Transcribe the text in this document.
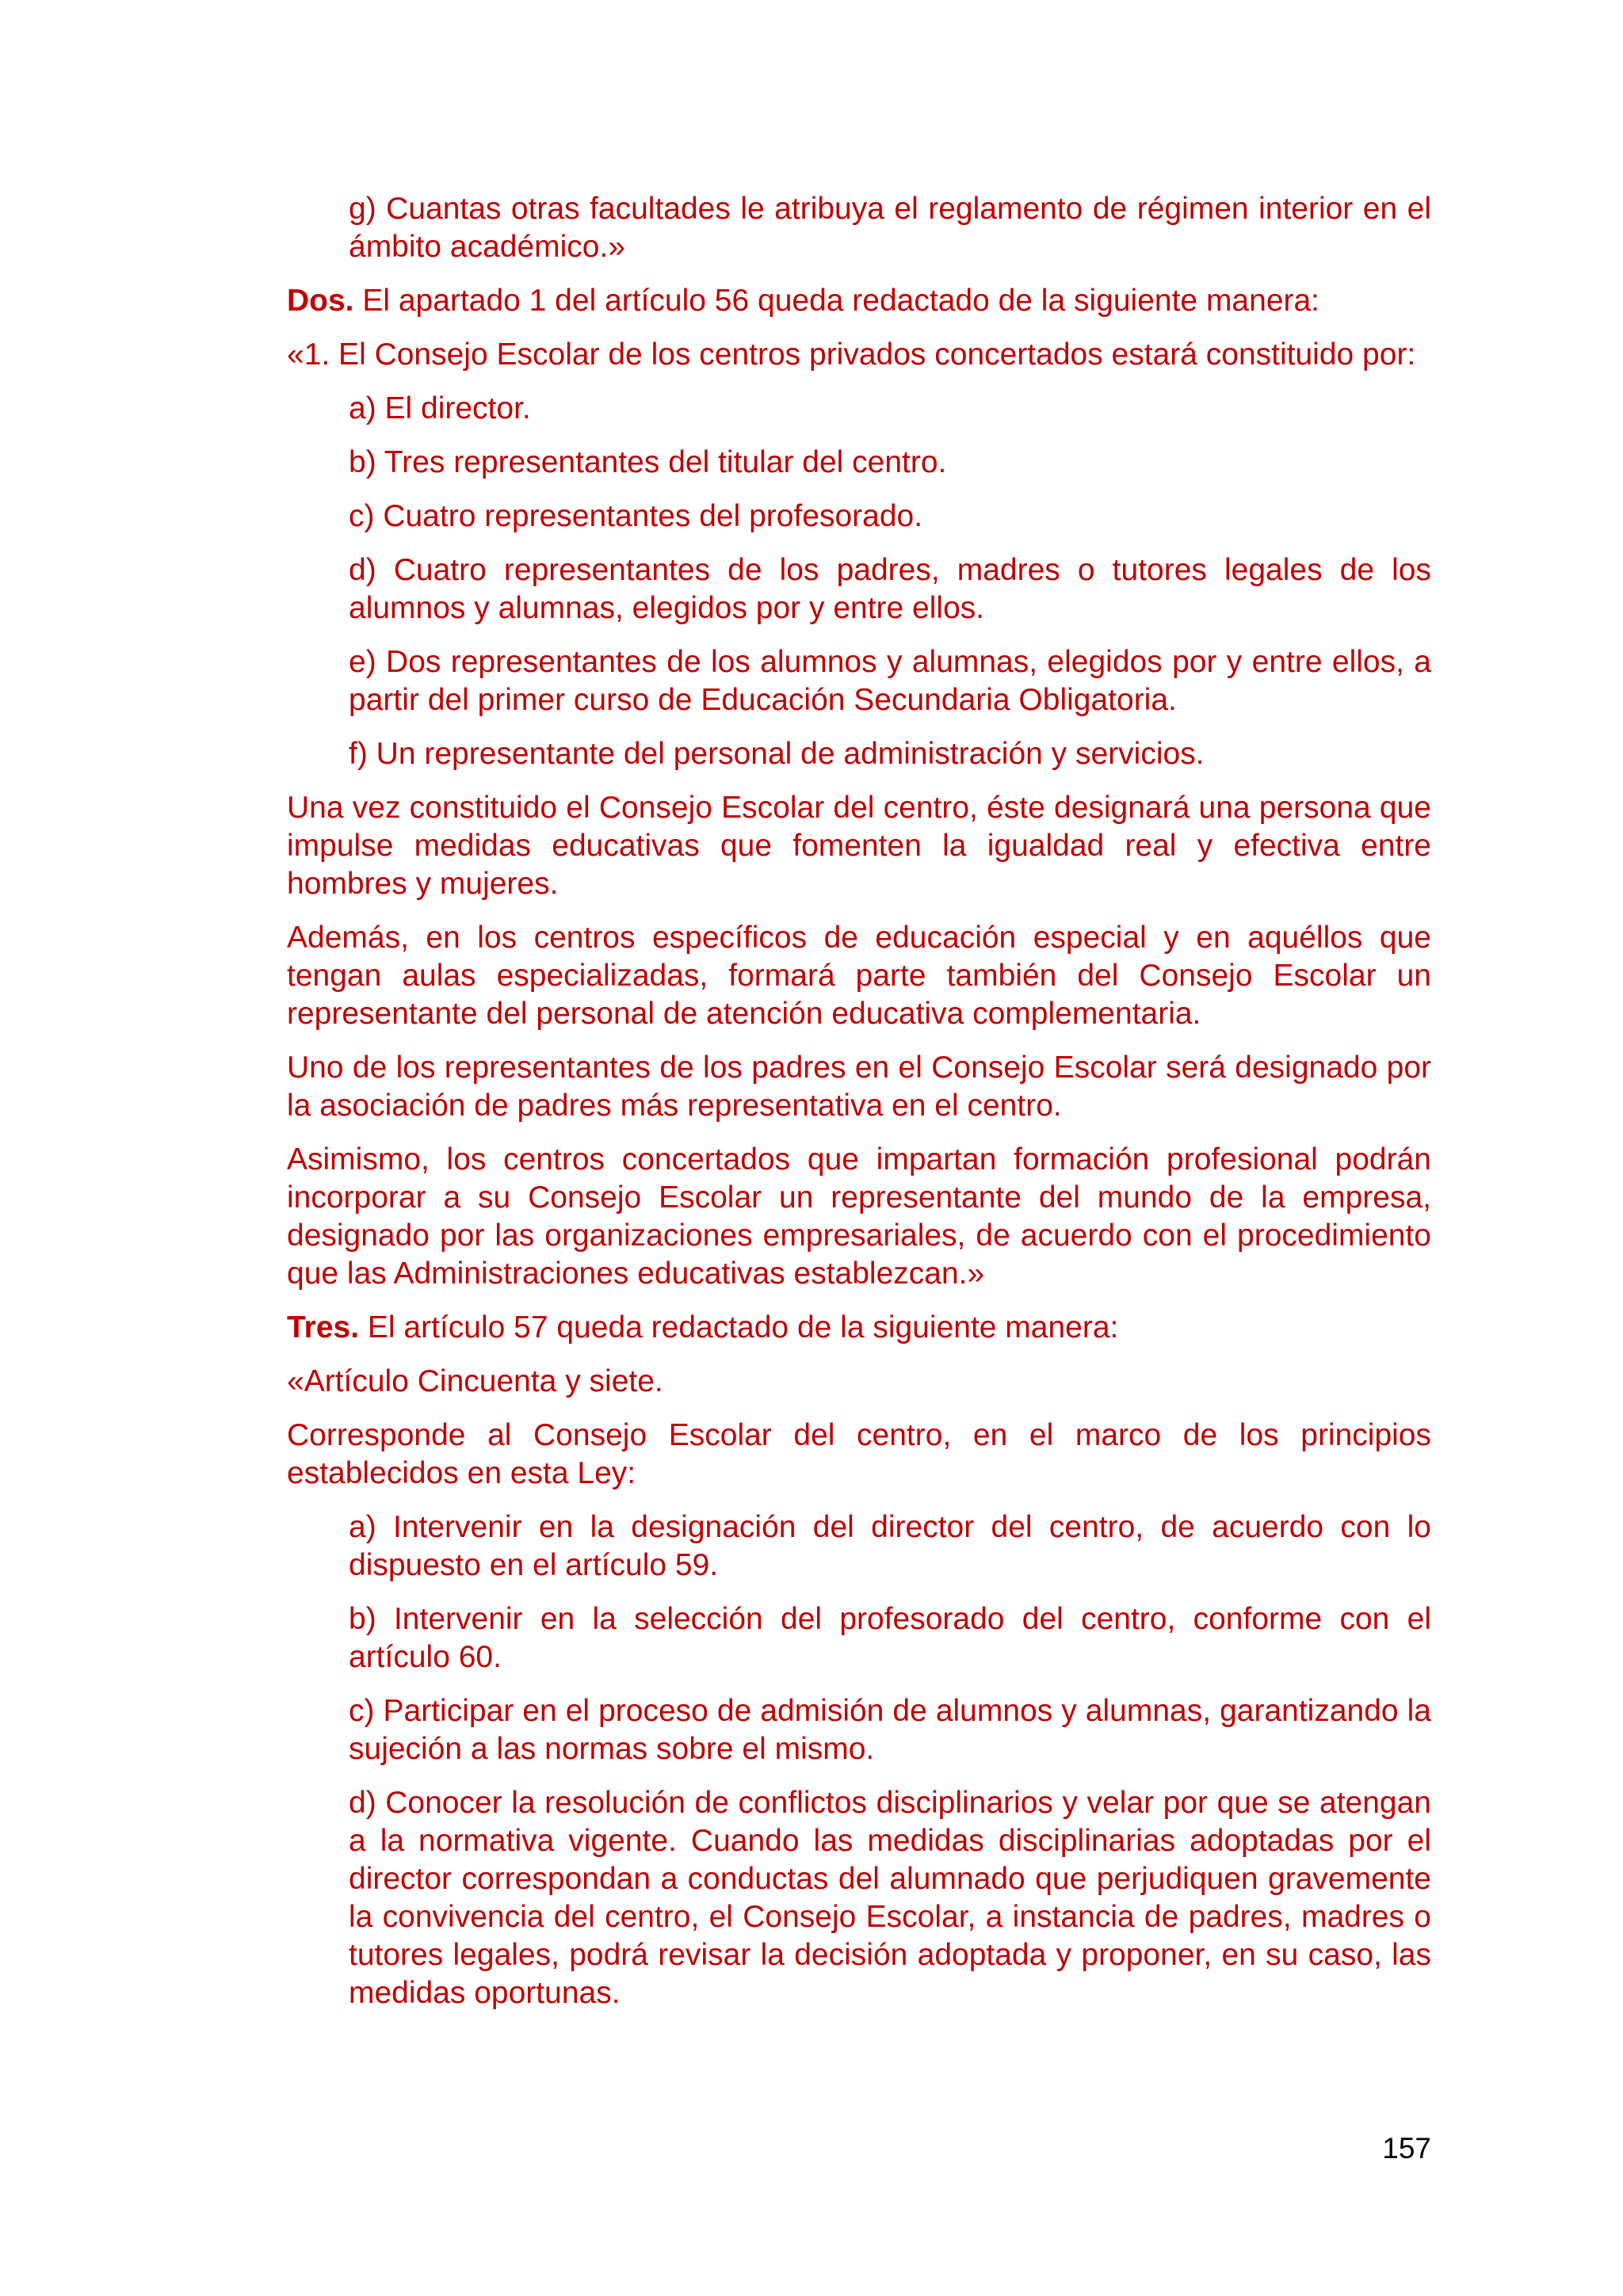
g) Cuantas otras facultades le atribuya el reglamento de régimen interior en el ámbito académico.»

Dos. El apartado 1 del artículo 56 queda redactado de la siguiente manera:

«1. El Consejo Escolar de los centros privados concertados estará constituido por:

a) El director.

b) Tres representantes del titular del centro.

c) Cuatro representantes del profesorado.

d) Cuatro representantes de los padres, madres o tutores legales de los alumnos y alumnas, elegidos por y entre ellos.

e) Dos representantes de los alumnos y alumnas, elegidos por y entre ellos, a partir del primer curso de Educación Secundaria Obligatoria.

f) Un representante del personal de administración y servicios.

Una vez constituido el Consejo Escolar del centro, éste designará una persona que impulse medidas educativas que fomenten la igualdad real y efectiva entre hombres y mujeres.

Además, en los centros específicos de educación especial y en aquéllos que tengan aulas especializadas, formará parte también del Consejo Escolar un representante del personal de atención educativa complementaria.

Uno de los representantes de los padres en el Consejo Escolar será designado por la asociación de padres más representativa en el centro.

Asimismo, los centros concertados que impartan formación profesional podrán incorporar a su Consejo Escolar un representante del mundo de la empresa, designado por las organizaciones empresariales, de acuerdo con el procedimiento que las Administraciones educativas establezcan.»

Tres. El artículo 57 queda redactado de la siguiente manera:

«Artículo Cincuenta y siete.

Corresponde al Consejo Escolar del centro, en el marco de los principios establecidos en esta Ley:

a) Intervenir en la designación del director del centro, de acuerdo con lo dispuesto en el artículo 59.

b) Intervenir en la selección del profesorado del centro, conforme con el artículo 60.

c) Participar en el proceso de admisión de alumnos y alumnas, garantizando la sujeción a las normas sobre el mismo.

d) Conocer la resolución de conflictos disciplinarios y velar por que se atengan a la normativa vigente. Cuando las medidas disciplinarias adoptadas por el director correspondan a conductas del alumnado que perjudiquen gravemente la convivencia del centro, el Consejo Escolar, a instancia de padres, madres o tutores legales, podrá revisar la decisión adoptada y proponer, en su caso, las medidas oportunas.

157
